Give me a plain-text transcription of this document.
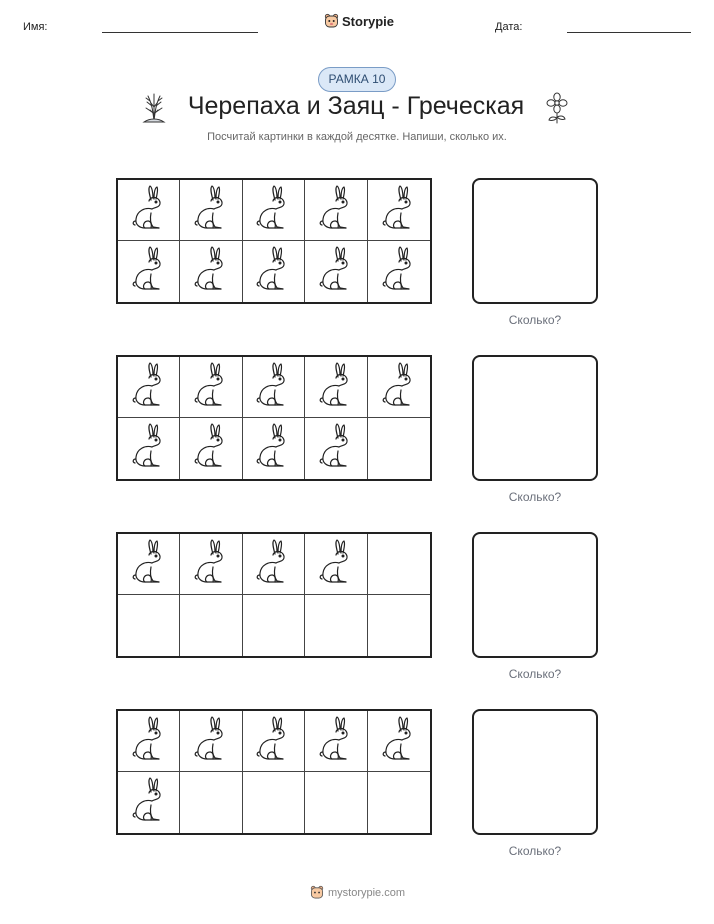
Имя:	Storypie	Дата:
РАМКА 10
Черепаха и Заяц - Греческая
Посчитай картинки в каждой десятке. Напиши, сколько их.
Сколько?
Сколько?
Сколько?
Сколько?
mystorypie.com
